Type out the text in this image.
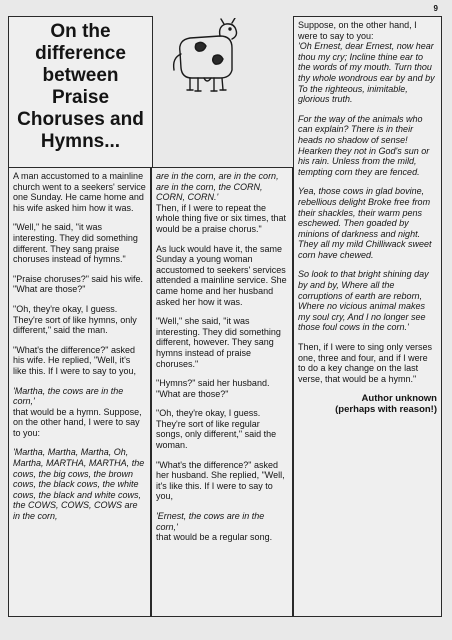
9
On the difference between Praise Choruses and Hymns...

A man accustomed to a mainline church went to a seekers' service one Sunday. He came home and his wife asked him how it was.

"Well," he said, "it was interesting. They did something different. They sang praise choruses instead of hymns."

"Praise choruses?" said his wife. "What are those?"

"Oh, they're okay, I guess. They're sort of like hymns, only different," said the man.

"What's the difference?" asked his wife. He replied, "Well, it's like this. If I were to say to you,

'Martha, the cows are in the corn,'

that would be a hymn. Suppose, on the other hand, I were to say to you:

'Martha, Martha, Martha, Oh, Martha, MARTHA, MARTHA, the cows, the big cows, the brown cows, the black cows, the white cows, the black and white cows, the COWS, COWS, COWS are in the corn,

are in the corn, are in the corn, are in the corn, the CORN, CORN, CORN.'

Then, if I were to repeat the whole thing five or six times, that would be a praise chorus."

As luck would have it, the same Sunday a young woman accustomed to seekers' services attended a mainline service. She came home and her husband asked her how it was.

"Well," she said, "it was interesting. They did something different, however. They sang hymns instead of praise choruses."

"Hymns?" said her husband. "What are those?"

"Oh, they're okay, I guess. They're sort of like regular songs, only different," said the woman.

"What's the difference?" asked her husband. She replied, "Well, it's like this. If I were to say to you,

'Ernest, the cows are in the corn,'

that would be a regular song.

Suppose, on the other hand, I were to say to you:

'Oh Ernest, dear Ernest, now hear thou my cry; Incline thine ear to the words of my mouth. Turn thou thy whole wondrous ear by and by To the righteous, inimitable, glorious truth.

For the way of the animals who can explain? There is in their heads no shadow of sense! Hearken they not in God's sun or his rain. Unless from the mild, tempting corn they are fenced.

Yea, those cows in glad bovine, rebellious delight Broke free from their shackles, their warm pens eschewed. Then goaded by minions of darkness and night. They all my mild Chilliwack sweet corn have chewed.

So look to that bright shining day by and by, Where all the corruptions of earth are reborn, Where no vicious animal makes my soul cry, And I no longer see those foul cows in the corn.'

Then, if I were to sing only verses one, three and four, and if I were to do a key change on the last verse, that would be a hymn."

Author unknown
(perhaps with reason!)
